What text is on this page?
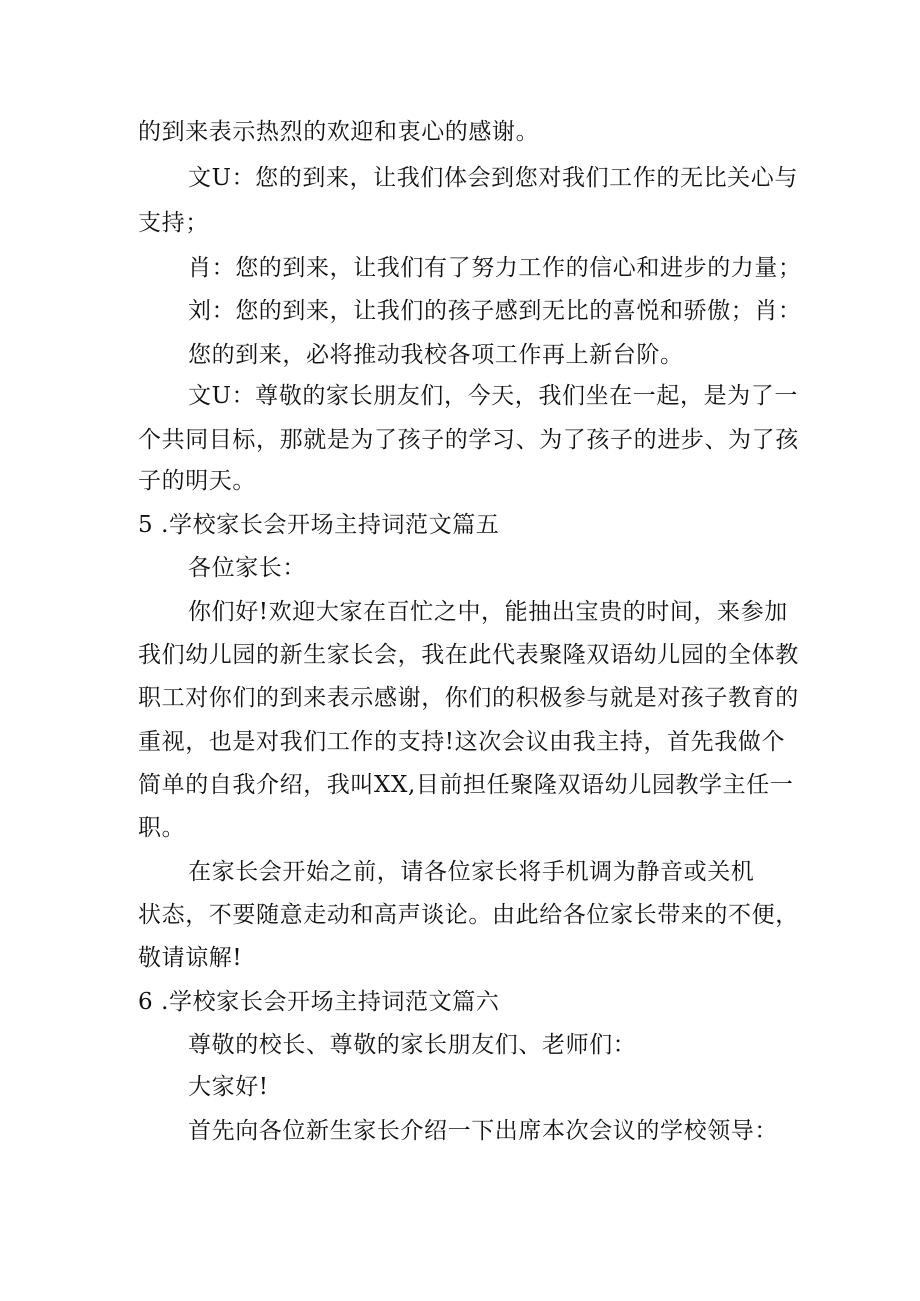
的到来表示热烈的欢迎和衷心的感谢。
文U：您的到来，让我们体会到您对我们工作的无比关心与
支持；
肖：您的到来，让我们有了努力工作的信心和进步的力量；
刘：您的到来，让我们的孩子感到无比的喜悦和骄傲；肖：
您的到来，必将推动我校各项工作再上新台阶。
文U：尊敬的家长朋友们，今天，我们坐在一起，是为了一
个共同目标，那就是为了孩子的学习、为了孩子的进步、为了孩
子的明天。
5 .学校家长会开场主持词范文篇五
各位家长：
你们好!欢迎大家在百忙之中，能抽出宝贵的时间，来参加
我们幼儿园的新生家长会，我在此代表聚隆双语幼儿园的全体教
职工对你们的到来表示感谢，你们的积极参与就是对孩子教育的
重视，也是对我们工作的支持!这次会议由我主持，首先我做个
简单的自我介绍，我叫XX,目前担任聚隆双语幼儿园教学主任一
职。
在家长会开始之前，请各位家长将手机调为静音或关机
状态，不要随意走动和高声谈论。由此给各位家长带来的不便，
敬请谅解!
6 .学校家长会开场主持词范文篇六
尊敬的校长、尊敬的家长朋友们、老师们：
大家好!
首先向各位新生家长介绍一下出席本次会议的学校领导：
